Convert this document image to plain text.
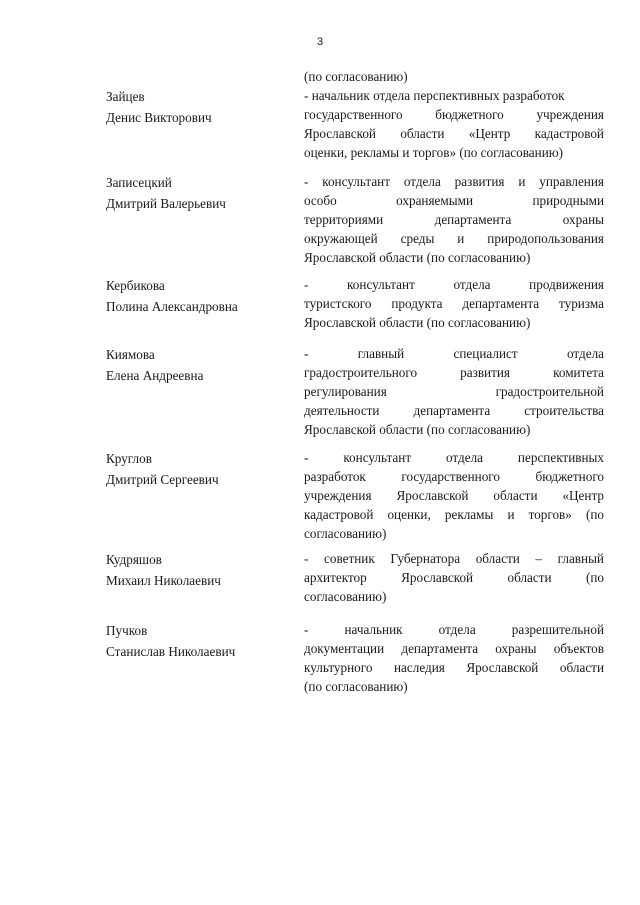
3
(по согласованию)
Зайцев
Денис Викторович
- начальник отдела перспективных разработок
государственного бюджетного учреждения
Ярославской области «Центр кадастровой
оценки, рекламы и торгов» (по согласованию)
Записецкий
Дмитрий Валерьевич
- консультант отдела развития и управления
особо охраняемыми природными
территориями департамента охраны
окружающей среды и природопользования
Ярославской области (по согласованию)
Кербикова
Полина Александровна
- консультант отдела продвижения
туристского продукта департамента туризма
Ярославской области (по согласованию)
Киямова
Елена Андреевна
- главный специалист отдела
градостроительного развития комитета
регулирования градостроительной
деятельности департамента строительства
Ярославской области (по согласованию)
Круглов
Дмитрий Сергеевич
- консультант отдела перспективных
разработок государственного бюджетного
учреждения Ярославской области «Центр
кадастровой оценки, рекламы и торгов» (по
согласованию)
Кудряшов
Михаил Николаевич
- советник Губернатора области – главный
архитектор Ярославской области (по
согласованию)
Пучков
Станислав Николаевич
- начальник отдела разрешительной
документации департамента охраны объектов
культурного наследия Ярославской области
(по согласованию)
